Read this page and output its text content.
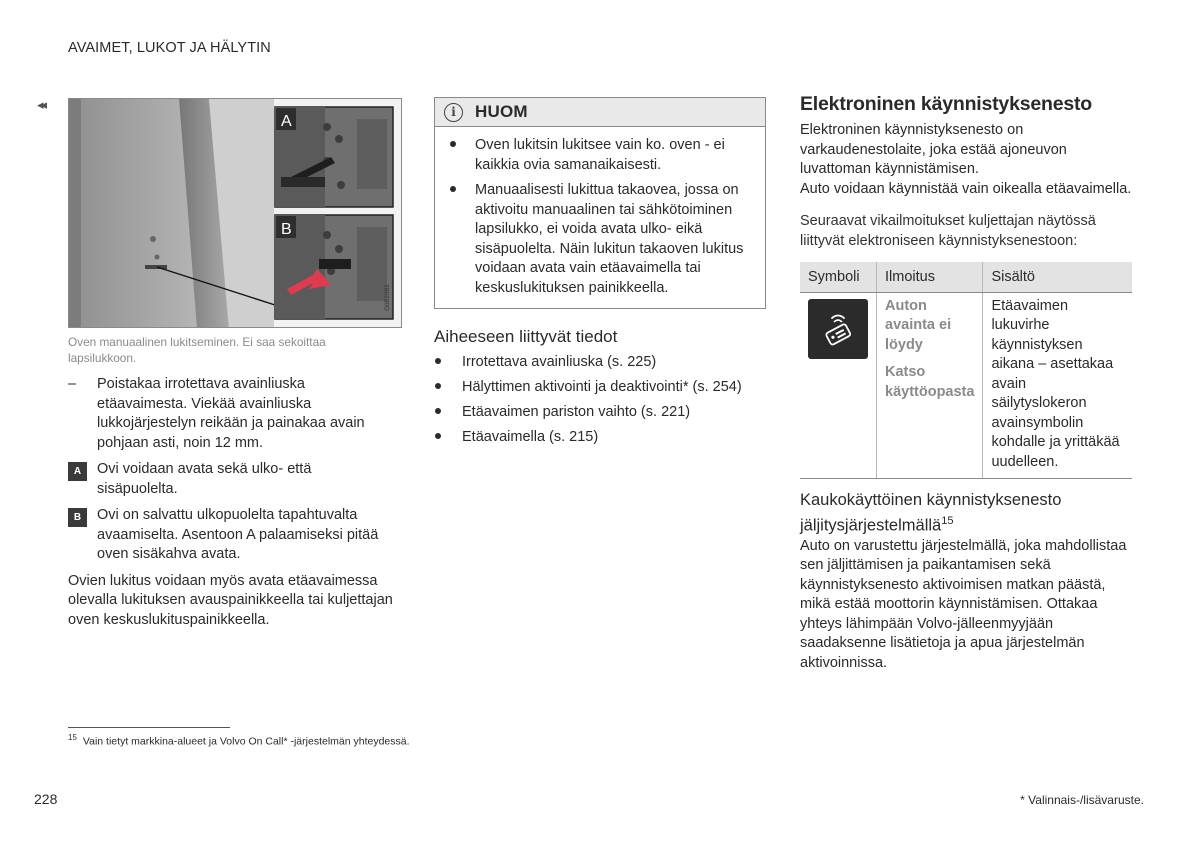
AVAIMET, LUKOT JA HÄLYTIN
◂◂
A
B
G052081
Oven manuaalinen lukitseminen. Ei saa sekoittaa lapsilukkoon.
–	Poistakaa irrotettava avainliuska etäavaimesta. Viekää avainliuska lukkojärjestelyn reikään ja painakaa avain pohjaan asti, noin 12 mm.
A	Ovi voidaan avata sekä ulko- että sisäpuolelta.
B	Ovi on salvattu ulkopuolelta tapahtuvalta avaamiselta. Asentoon A palaamiseksi pitää oven sisäkahva avata.
Ovien lukitus voidaan myös avata etäavaimessa olevalla lukituksen avauspainikkeella tai kuljettajan oven keskuslukituspainikkeella.
i	HUOM
Oven lukitsin lukitsee vain ko. oven - ei kaikkia ovia samanaikaisesti.
Manuaalisesti lukittua takaovea, jossa on aktivoitu manuaalinen tai sähkötoiminen lapsilukko, ei voida avata ulko- eikä sisäpuolelta. Näin lukitun takaoven lukitus voidaan avata vain etäavaimella tai keskuslukituksen painikkeella.
Aiheeseen liittyvät tiedot
Irrotettava avainliuska (s. 225)
Hälyttimen aktivointi ja deaktivointi* (s. 254)
Etäavaimen pariston vaihto (s. 221)
Etäavaimella (s. 215)
Elektroninen käynnistyksenesto
Elektroninen käynnistyksenesto on varkaudenestolaite, joka estää ajoneuvon luvattoman käynnistämisen.
Auto voidaan käynnistää vain oikealla etäavaimella.
Seuraavat vikailmoitukset kuljettajan näytössä liittyvät elektroniseen käynnistyksenestoon:
Symboli	Ilmoitus	Sisältö

Auton avainta ei löydy
Katso käyttöopasta	Etäavaimen lukuvirhe käynnistyksen aikana – asettakaa avain säilytyslokeron avainsymbolin kohdalle ja yrittäkää uudelleen.
Kaukokäyttöinen käynnistyksenesto jäljitysjärjestelmällä$^{15}$
Auto on varustettu järjestelmällä, joka mahdollistaa sen jäljittämisen ja paikantamisen sekä käynnistyksenesto aktivoimisen matkan päästä, mikä estää moottorin käynnistämisen. Ottakaa yhteys lähimpään Volvo-jälleenmyyjään saadaksenne lisätietoja ja apua järjestelmän aktivoinnissa.
$^{15}$ Vain tietyt markkina-alueet ja Volvo On Call* -järjestelmän yhteydessä.
228	* Valinnais-/lisävaruste.
